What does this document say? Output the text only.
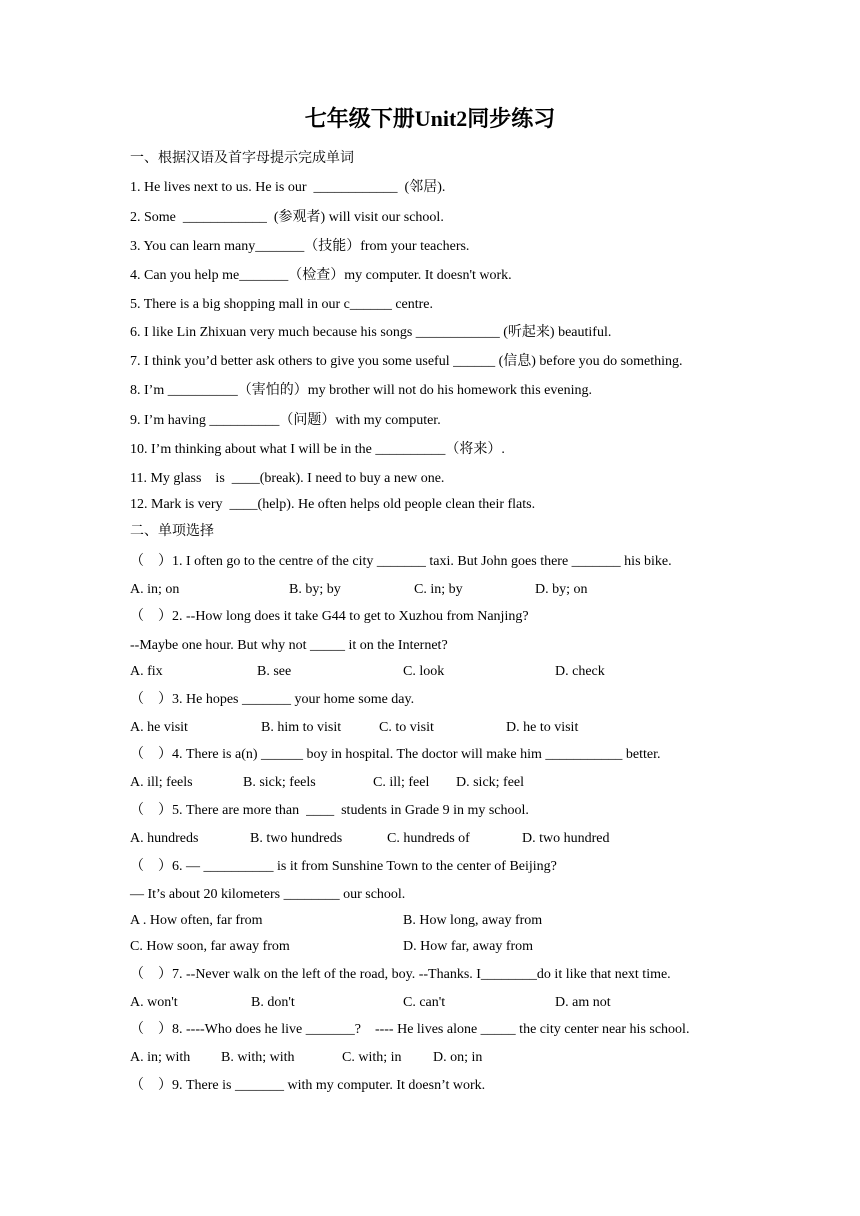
七年级下册Unit2同步练习
一、根据汉语及首字母提示完成单词
1. He lives next to us. He is our  ____________  (邻居).
2. Some  ____________  (参观者) will visit our school.
3. You can learn many_______（技能）from your teachers.
4. Can you help me_______（检查）my computer. It doesn't work.
5. There is a big shopping mall in our c______ centre.
6. I like Lin Zhixuan very much because his songs ____________ (听起来) beautiful.
7. I think you’d better ask others to give you some useful ______ (信息) before you do something.
8. I’m __________（害怕的）my brother will not do his homework this evening.
9. I’m having __________（问题）with my computer.
10. I’m thinking about what I will be in the __________（将来）.
11. My glass    is  ____(break). I need to buy a new one.
12. Mark is very  ____(help). He often helps old people clean their flats.
二、单项选择
（    ）1. I often go to the centre of the city _______ taxi. But John goes there _______ his bike.
A. in; on	B. by; by	C. in; by	D. by; on
（    ）2. --How long does it take G44 to get to Xuzhou from Nanjing?
--Maybe one hour. But why not _____ it on the Internet?
A. fix	B. see	C. look	D. check
（    ）3. He hopes _______ your home some day.
A. he visit	B. him to visit	C. to visit	D. he to visit
（    ）4. There is a(n) ______ boy in hospital. The doctor will make him ___________ better.
A. ill; feels	B. sick; feels	C. ill; feel D. sick; feel
（    ）5. There are more than  ____  students in Grade 9 in my school.
A. hundreds	B. two hundreds	C. hundreds of	D. two hundred
（    ）6. — __________ is it from Sunshine Town to the center of Beijing?
— It’s about 20 kilometers ________ our school.
A . How often, far from	B. How long, away from
C. How soon, far away from	D. How far, away from
（    ）7. --Never walk on the left of the road, boy. --Thanks. I________do it like that next time.
A. won't	B. don't	C. can't	D. am not
（    ）8. ----Who does he live _______?    ---- He lives alone _____ the city center near his school.
A. in; with B. with; with	C. with; in D. on; in
（    ）9. There is _______ with my computer. It doesn’t work.
